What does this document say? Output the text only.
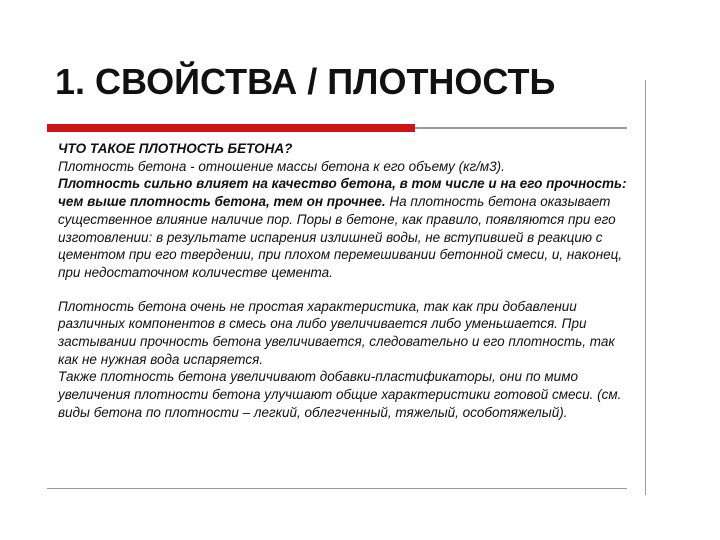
1. СВОЙСТВА / ПЛОТНОСТЬ

ЧТО ТАКОЕ ПЛОТНОСТЬ БЕТОНА?

Плотность бетона - отношение массы бетона к его объему (кг/м3).

Плотность сильно влияет на качество бетона, в том числе и на его прочность: чем выше плотность бетона, тем он прочнее. На плотность бетона оказывает существенное влияние наличие пор. Поры в бетоне, как правило, появляются при его изготовлении: в результате испарения излишней воды, не вступившей в реакцию с цементом при его твердении, при плохом перемешивании бетонной смеси, и, наконец, при недостаточном количестве цемента.

Плотность бетона очень не простая характеристика, так как при добавлении различных компонентов в смесь она либо увеличивается либо уменьшается. При застывании прочность бетона увеличивается, следовательно и его плотность, так как не нужная вода испаряется.

Также плотность бетона увеличивают добавки-пластификаторы, они по мимо увеличения плотности бетона улучшают общие характеристики готовой смеси. (см. виды бетона по плотности – легкий, облегченный, тяжелый, особотяжелый).
